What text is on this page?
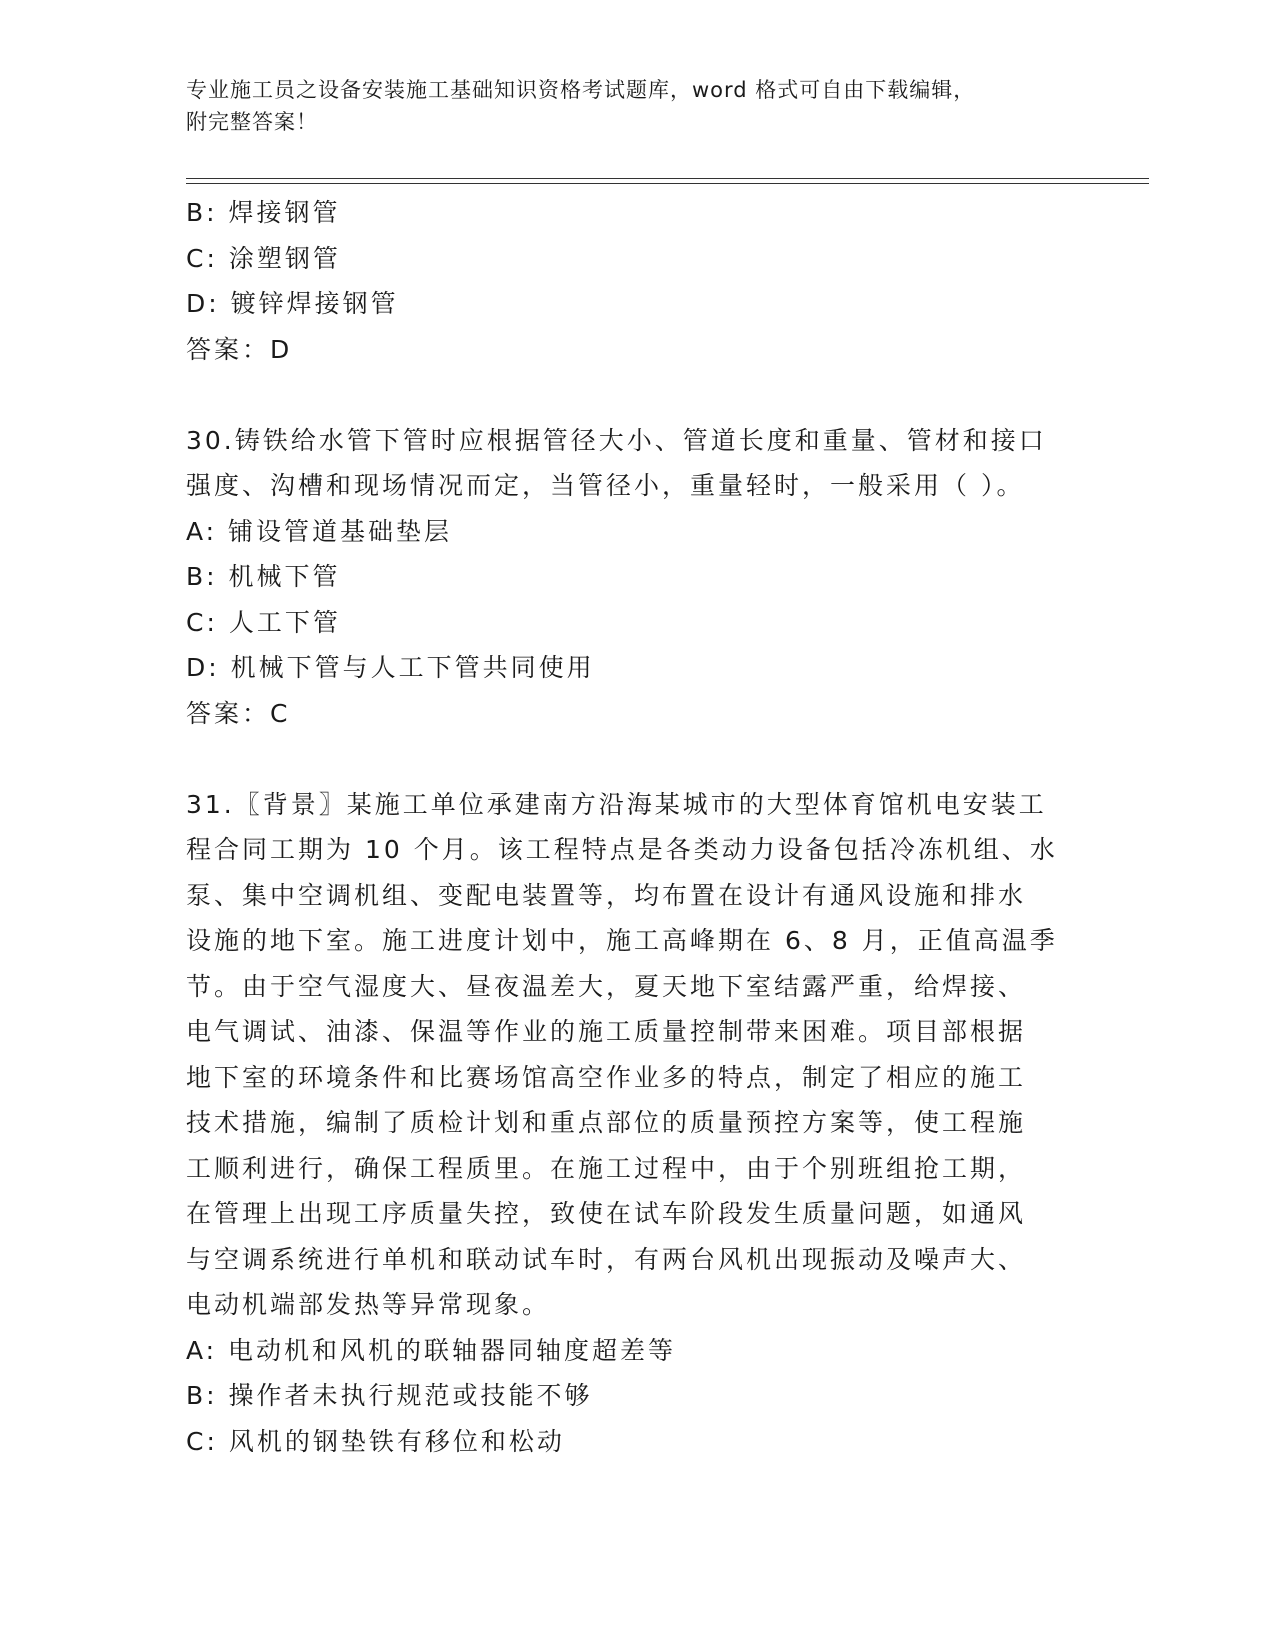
专业施工员之设备安装施工基础知识资格考试题库，word 格式可自由下载编辑，
附完整答案！
B: 焊接钢管
C: 涂塑钢管
D: 镀锌焊接钢管
答案：D
30.铸铁给水管下管时应根据管径大小、管道长度和重量、管材和接口
强度、沟槽和现场情况而定，当管径小，重量轻时，一般采用（ ）。
A: 铺设管道基础垫层
B: 机械下管
C: 人工下管
D: 机械下管与人工下管共同使用
答案：C
31.〖背景〗某施工单位承建南方沿海某城市的大型体育馆机电安装工
程合同工期为 10 个月。该工程特点是各类动力设备包括冷冻机组、水
泵、集中空调机组、变配电装置等，均布置在设计有通风设施和排水
设施的地下室。施工进度计划中，施工高峰期在 6、8 月，正值高温季
节。由于空气湿度大、昼夜温差大，夏天地下室结露严重，给焊接、
电气调试、油漆、保温等作业的施工质量控制带来困难。项目部根据
地下室的环境条件和比赛场馆高空作业多的特点，制定了相应的施工
技术措施，编制了质检计划和重点部位的质量预控方案等，使工程施
工顺利进行，确保工程质里。在施工过程中，由于个别班组抢工期，
在管理上出现工序质量失控，致使在试车阶段发生质量问题，如通风
与空调系统进行单机和联动试车时，有两台风机出现振动及噪声大、
电动机端部发热等异常现象。
A: 电动机和风机的联轴器同轴度超差等
B: 操作者未执行规范或技能不够
C: 风机的钢垫铁有移位和松动
